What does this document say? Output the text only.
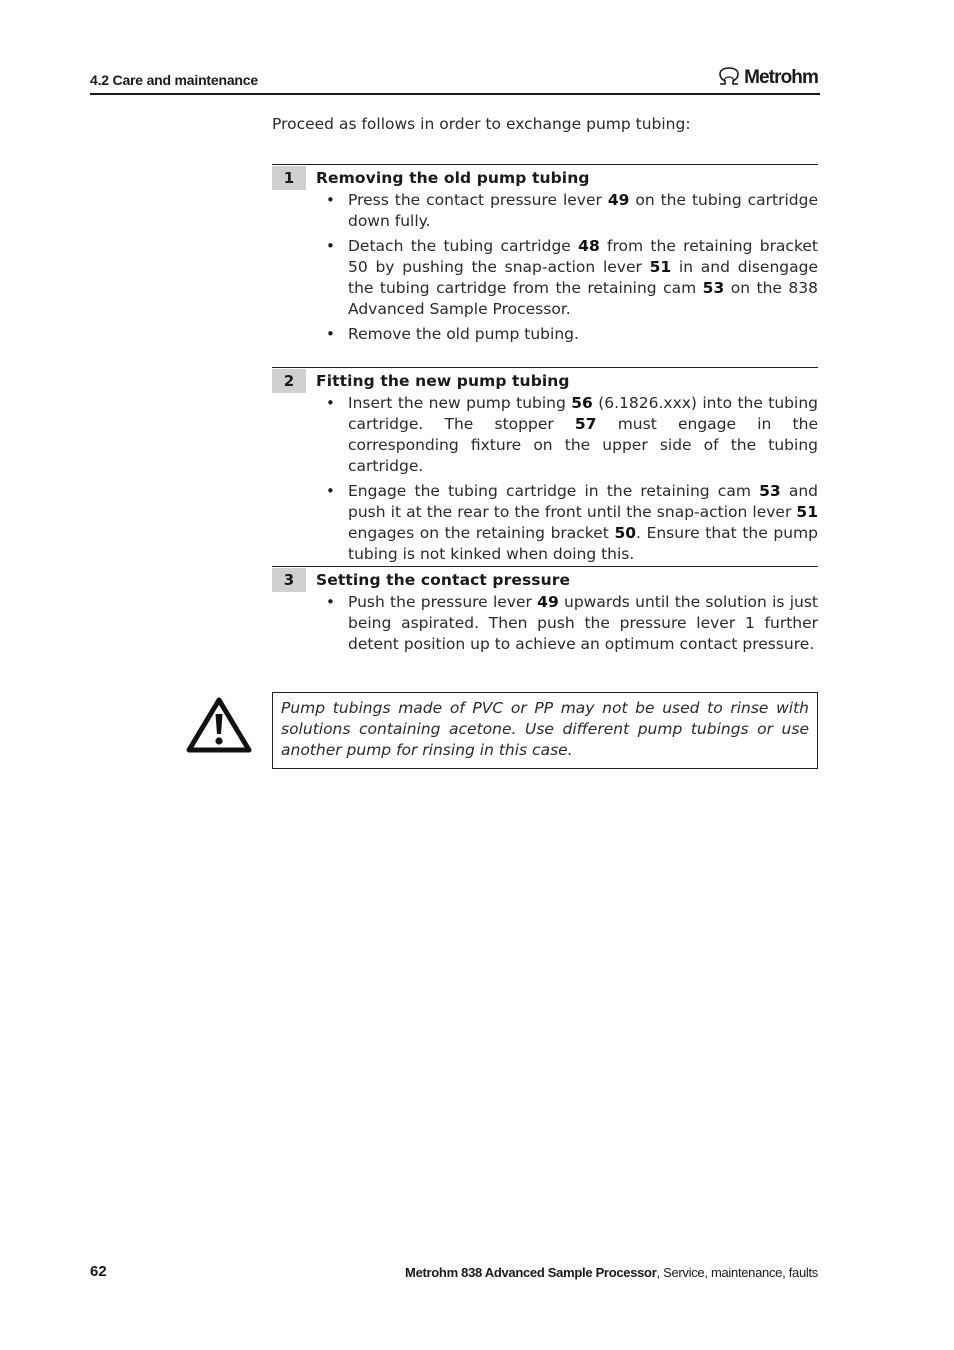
4.2 Care and maintenance	Metrohm
Proceed as follows in order to exchange pump tubing:
1	Removing the old pump tubing
• Press the contact pressure lever 49 on the tubing cartridge down fully.
• Detach the tubing cartridge 48 from the retaining bracket 50 by pushing the snap-action lever 51 in and disengage the tubing cartridge from the retaining cam 53 on the 838 Advanced Sample Processor.
• Remove the old pump tubing.
2	Fitting the new pump tubing
• Insert the new pump tubing 56 (6.1826.xxx) into the tubing cartridge. The stopper 57 must engage in the corresponding fixture on the upper side of the tubing cartridge.
• Engage the tubing cartridge in the retaining cam 53 and push it at the rear to the front until the snap-action lever 51 engages on the retaining bracket 50. Ensure that the pump tubing is not kinked when doing this.
3	Setting the contact pressure
• Push the pressure lever 49 upwards until the solution is just being aspirated. Then push the pressure lever 1 further detent position up to achieve an optimum contact pressure.
Pump tubings made of PVC or PP may not be used to rinse with solutions containing acetone. Use different pump tubings or use another pump for rinsing in this case.
62	Metrohm 838 Advanced Sample Processor, Service, maintenance, faults
